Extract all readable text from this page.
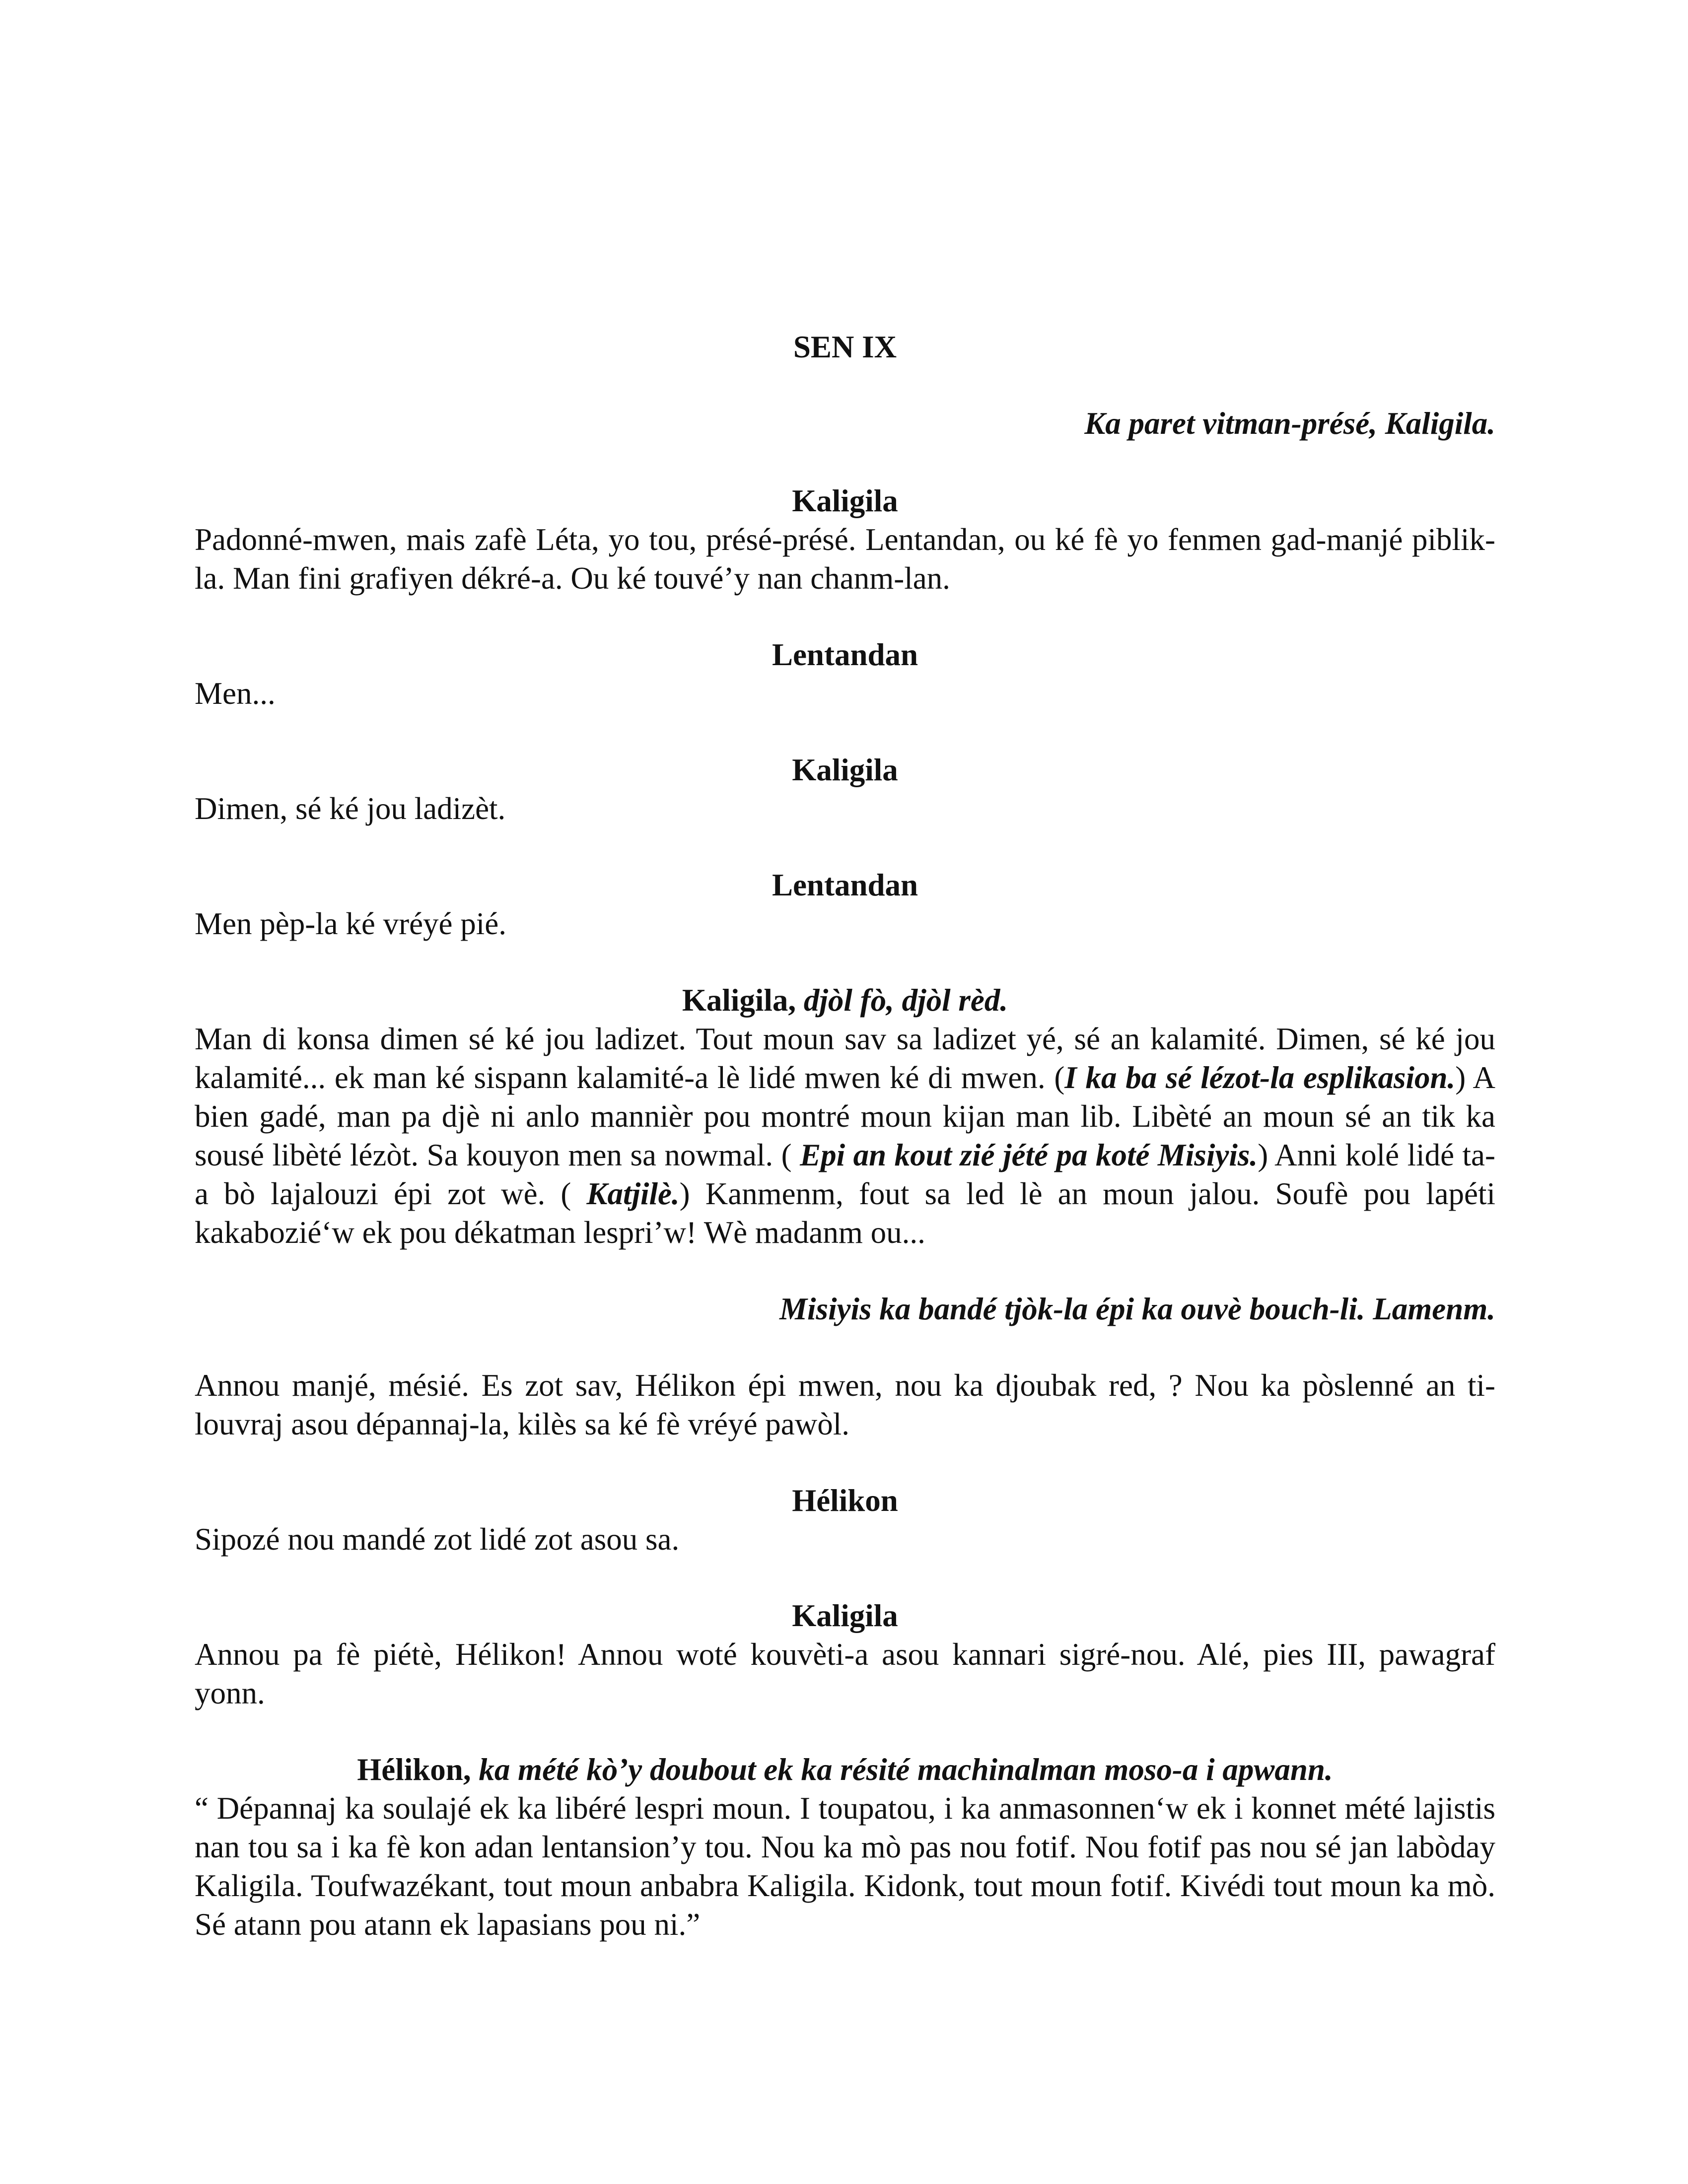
SEN IX

Ka paret vitman-présé, Kaligila.

Kaligila

Padonné-mwen, mais zafè Léta, yo tou, présé-présé. Lentandan, ou ké fè yo fenmen gad-manjé piblik-la. Man fini grafiyen dékré-a. Ou ké touvé’y nan chanm-lan.

Lentandan

Men...

Kaligila

Dimen, sé ké jou ladizèt.

Lentandan

Men pèp-la ké vréyé pié.

Kaligila, djòl fò, djòl rèd.

Man di konsa dimen sé ké jou ladizet. Tout moun sav sa ladizet yé, sé an kalamité. Dimen, sé ké jou kalamité... ek man ké sispann kalamité-a lè lidé mwen ké di mwen. (I ka ba sé lézot-la esplikasion.) A bien gadé, man pa djè ni anlo mannièr pou montré moun kijan man lib. Libèté an moun sé an tik ka sousé libèté lézòt. Sa kouyon men sa nowmal. ( Epi an kout zié jété pa koté Misiyis.) Anni kolé lidé ta-a bò lajalouzi épi zot wè. ( Katjilè.) Kanmenm, fout sa led lè an moun jalou. Soufè pou lapéti kakabozié‘w ek pou dékatman lespri’w! Wè madanm ou...

Misiyis ka bandé tjòk-la épi ka ouvè bouch-li. Lamenm.

Annou manjé, mésié. Es zot sav, Hélikon épi mwen, nou ka djoubak red, ? Nou ka pòslenné an ti-louvraj asou dépannaj-la, kilès sa ké fè vréyé pawòl.

Hélikon

Sipozé nou mandé zot lidé zot asou sa.

Kaligila

Annou pa fè piétè, Hélikon! Annou woté kouvèti-a asou kannari sigré-nou. Alé, pies III, pawagraf yonn.

Hélikon, ka mété kò’y doubout ek ka résité machinalman moso-a i apwann.

“ Dépannaj ka soulajé ek ka libéré lespri moun. I toupatou, i ka anmasonnen‘w ek i konnet mété lajistis nan tou sa i ka fè kon adan lentansion’y tou. Nou ka mò pas nou fotif. Nou fotif pas nou sé jan labòday Kaligila. Toufwazékant, tout moun anbabra Kaligila. Kidonk, tout moun fotif. Kivédi tout moun ka mò. Sé atann pou atann ek lapasians pou ni.”
